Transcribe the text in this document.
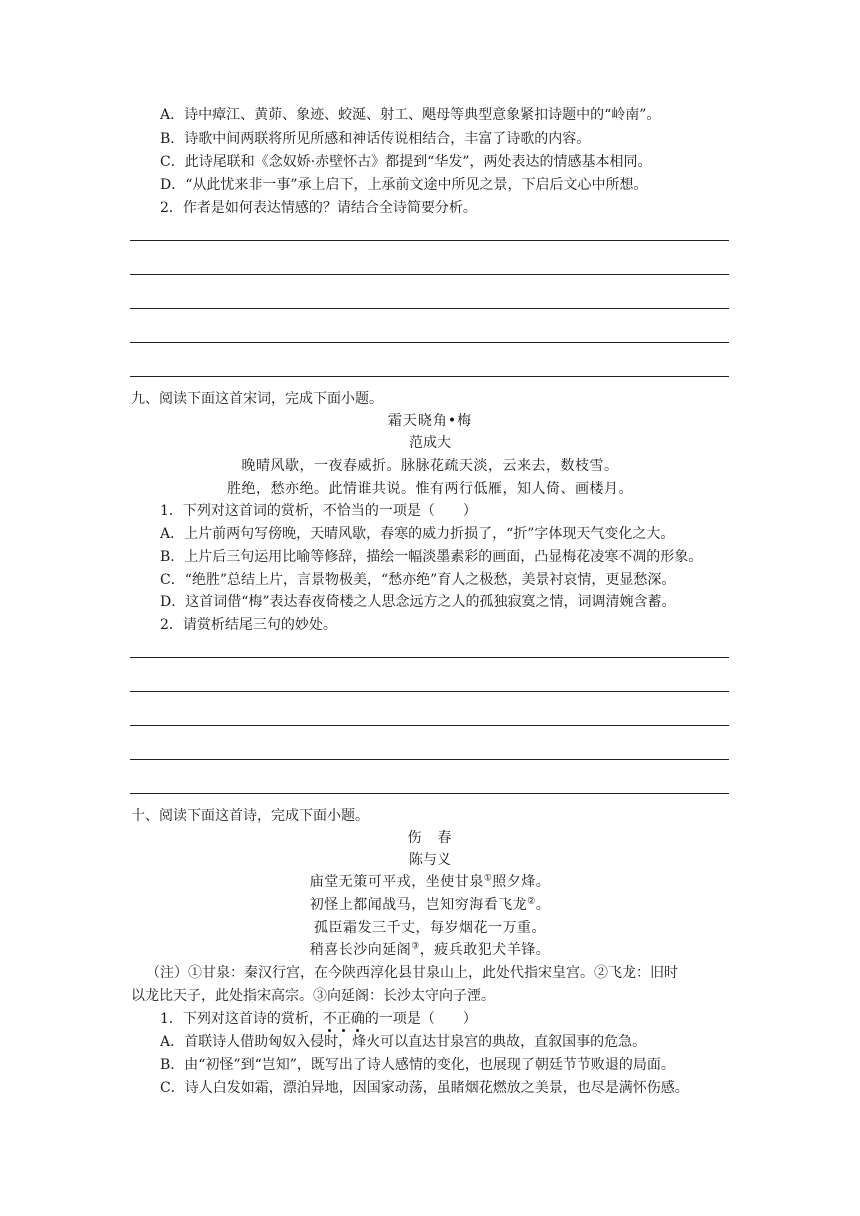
A．诗中瘴江、黄茆、象迹、蛟涎、射工、飓母等典型意象紧扣诗题中的“岭南”。
B．诗歌中间两联将所见所感和神话传说相结合，丰富了诗歌的内容。
C．此诗尾联和《念奴娇·赤壁怀古》都提到“华发”，两处表达的情感基本相同。
D．“从此忧来非一事”承上启下，上承前文途中所见之景，下启后文心中所想。
2．作者是如何表达情感的？请结合全诗简要分析。
九、阅读下面这首宋词，完成下面小题。
霜天晓角•梅
范成大
晚晴风歇，一夜春威折。脉脉花疏天淡，云来去，数枝雪。
胜绝，愁亦绝。此情谁共说。惟有两行低雁，知人倚、画楼月。
1．下列对这首词的赏析，不恰当的一项是（　　）
A．上片前两句写傍晚，天晴风歇，春寒的威力折损了，“折”字体现天气变化之大。
B．上片后三句运用比喻等修辞，描绘一幅淡墨素彩的画面，凸显梅花凌寒不凋的形象。
C．“绝胜”总结上片，言景物极美，“愁亦绝”育人之极愁，美景衬哀情，更显愁深。
D．这首词借“梅”表达春夜倚楼之人思念远方之人的孤独寂寞之情，词调清婉含蓄。
2．请赏析结尾三句的妙处。
十、阅读下面这首诗，完成下面小题。
伤　春
陈与义
庙堂无策可平戎，坐使甘泉①照夕烽。
初怪上都闻战马，岂知穷海看飞龙②。
孤臣霜发三千丈，每岁烟花一万重。
稍喜长沙向延阁③，疲兵敢犯犬羊锋。
（注）①甘泉：秦汉行宫，在今陕西淳化县甘泉山上，此处代指宋皇宫。②飞龙：旧时
以龙比天子，此处指宋高宗。③向延阁：长沙太守向子湮。
1．下列对这首诗的赏析，不正确的一项是（　　）
A．首联诗人借助匈奴入侵时，烽火可以直达甘泉宫的典故，直叙国事的危急。
B．由“初怪”到“岂知”，既写出了诗人感情的变化，也展现了朝廷节节败退的局面。
C．诗人白发如霜，漂泊异地，因国家动荡，虽睹烟花燃放之美景，也尽是满怀伤感。
